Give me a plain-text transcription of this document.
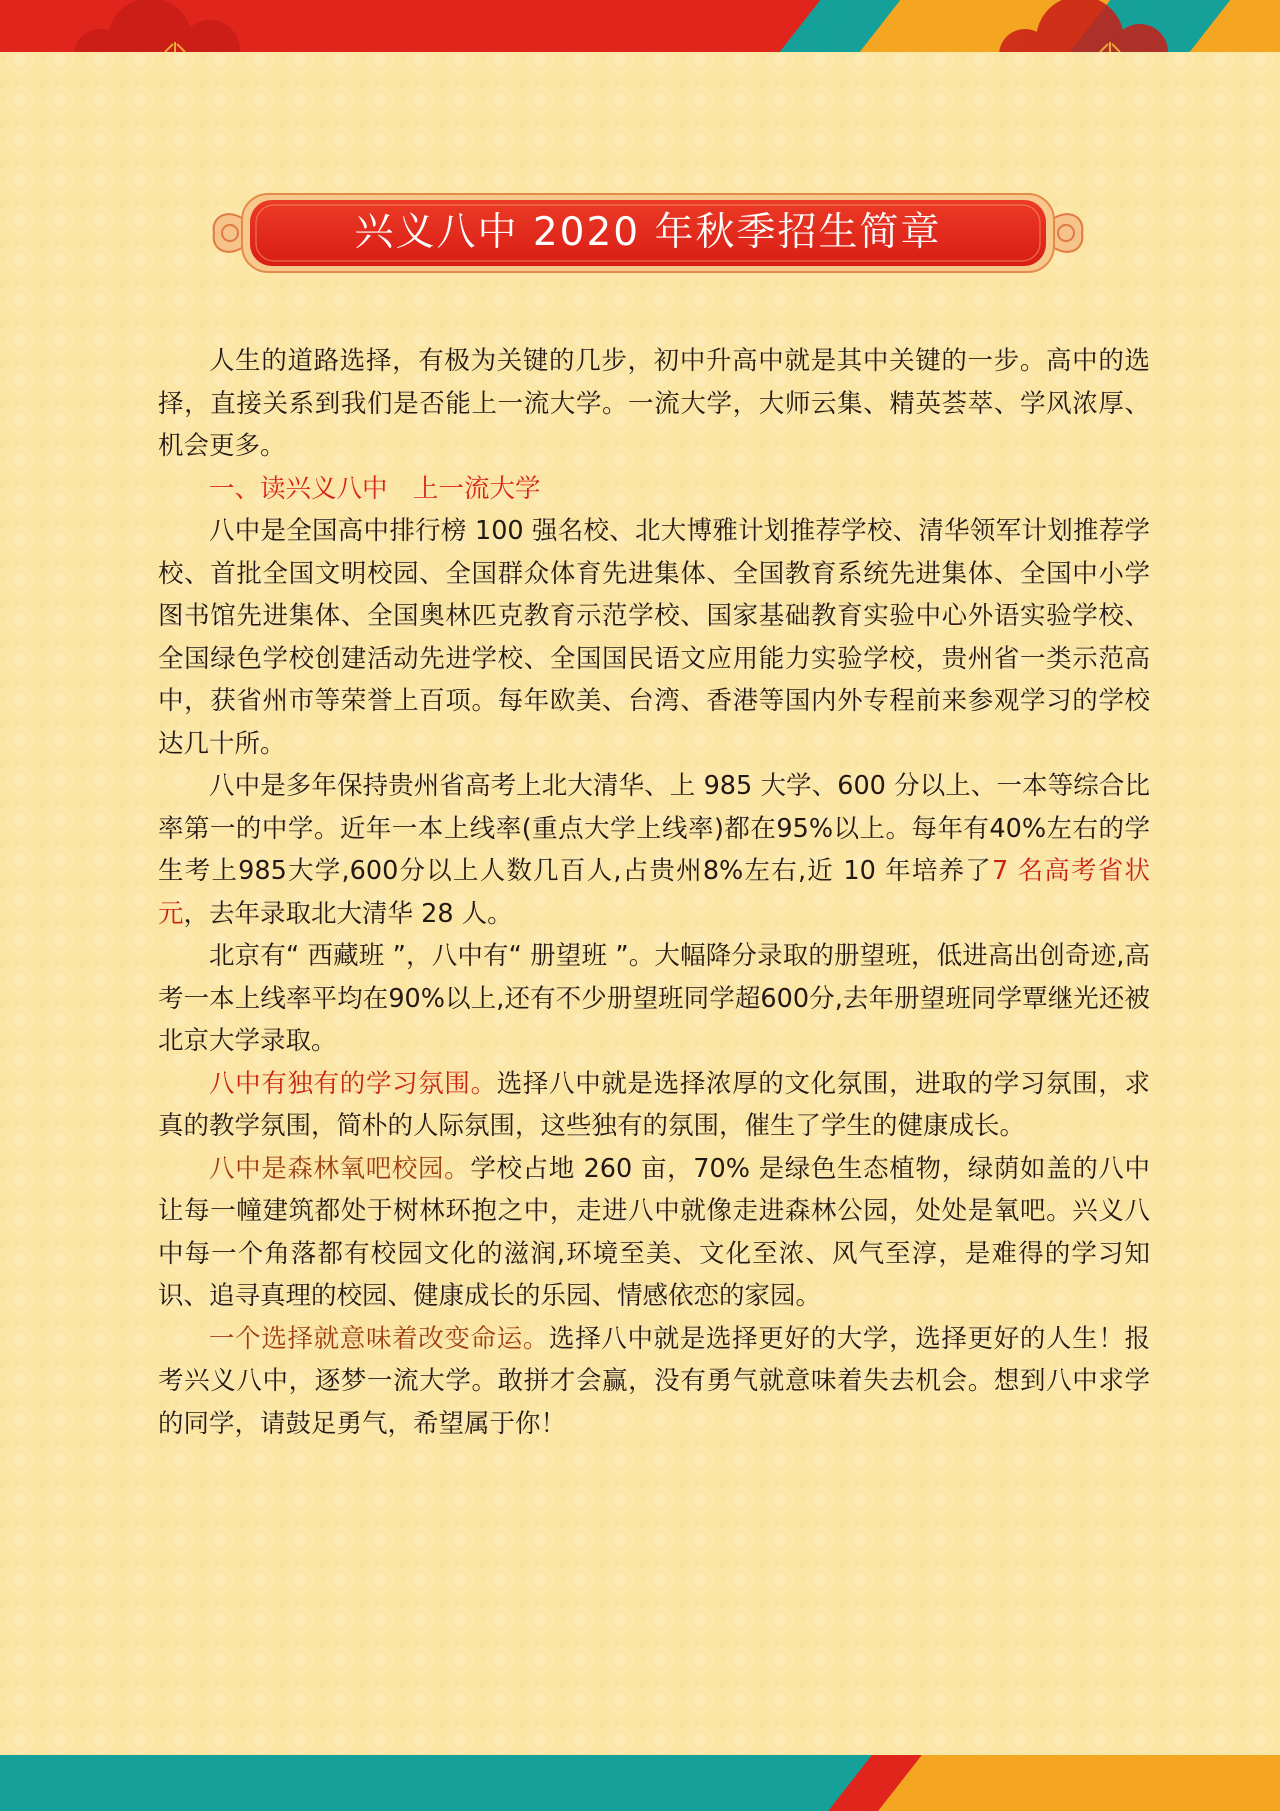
兴义八中 2020 年秋季招生简章

人生的道路选择，有极为关键的几步，初中升高中就是其中关键的一步。高中的选择，直接关系到我们是否能上一流大学。一流大学，大师云集、精英荟萃、学风浓厚、机会更多。

一、读兴义八中　上一流大学

八中是全国高中排行榜 100 强名校、北大博雅计划推荐学校、清华领军计划推荐学校、首批全国文明校园、全国群众体育先进集体、全国教育系统先进集体、全国中小学图书馆先进集体、全国奥林匹克教育示范学校、国家基础教育实验中心外语实验学校、全国绿色学校创建活动先进学校、全国国民语文应用能力实验学校，贵州省一类示范高中，获省州市等荣誉上百项。每年欧美、台湾、香港等国内外专程前来参观学习的学校达几十所。

八中是多年保持贵州省高考上北大清华、上 985 大学、600 分以上、一本等综合比率第一的中学。近年一本上线率(重点大学上线率)都在95%以上。每年有40%左右的学生考上985大学,600分以上人数几百人,占贵州8%左右,近 10 年培养了7 名高考省状元，去年录取北大清华 28 人。

北京有“ 西藏班 ”，八中有“ 册望班 ”。大幅降分录取的册望班，低进高出创奇迹,高考一本上线率平均在90%以上,还有不少册望班同学超600分,去年册望班同学覃继光还被北京大学录取。

八中有独有的学习氛围。选择八中就是选择浓厚的文化氛围，进取的学习氛围，求真的教学氛围，简朴的人际氛围，这些独有的氛围，催生了学生的健康成长。

八中是森林氧吧校园。学校占地 260 亩，70% 是绿色生态植物，绿荫如盖的八中让每一幢建筑都处于树林环抱之中，走进八中就像走进森林公园，处处是氧吧。兴义八中每一个角落都有校园文化的滋润,环境至美、文化至浓、风气至淳，是难得的学习知识、追寻真理的校园、健康成长的乐园、情感依恋的家园。

一个选择就意味着改变命运。选择八中就是选择更好的大学，选择更好的人生！报考兴义八中，逐梦一流大学。敢拼才会赢，没有勇气就意味着失去机会。想到八中求学的同学，请鼓足勇气，希望属于你！
